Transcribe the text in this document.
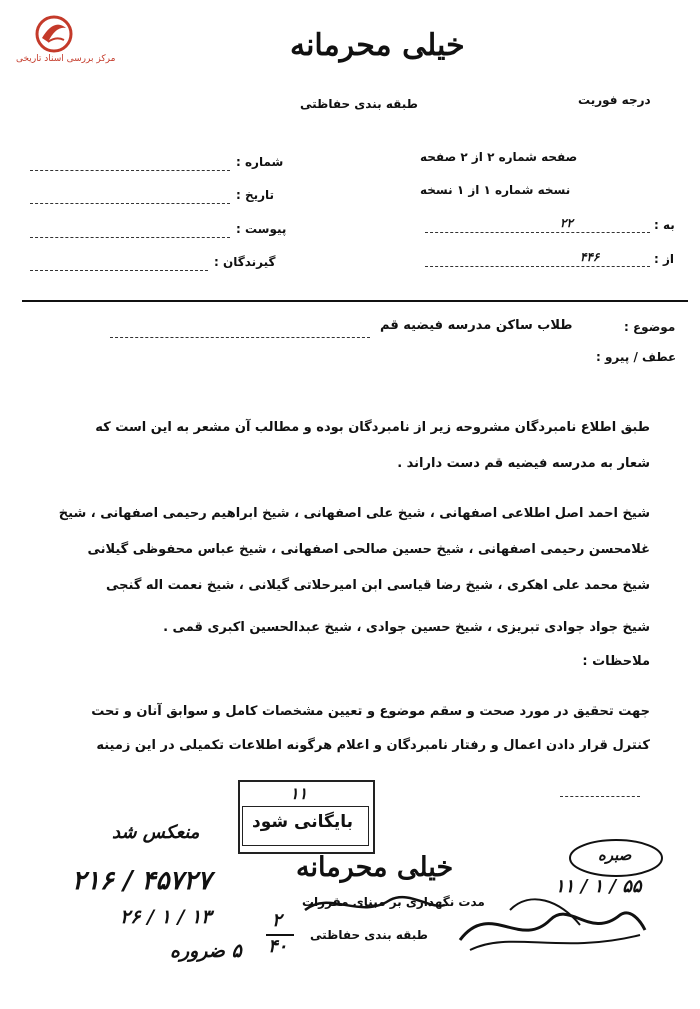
مرکز بررسی اسناد تاریخی	خیلی محرمانه
طبقه بندی حفاظتی	درجه فوریت
صفحه شماره ۲ از ۲ صفحه
نسخه شماره ۱ از ۱ نسخه
به :
۲۲
از :
۴۴۶
شماره :
تاریخ :
پیوست :
گیرندگان :
موضوع :
طلاب ساکن مدرسه فیضیه قم
عطف / پیرو :
طبق اطلاع نامبردگان مشروحه زیر از نامبردگان بوده و مطالب آن مشعر به این است که
شعار به مدرسه فیضیه قم دست داراند .
شیخ احمد اصل اطلاعی اصفهانی ، شیخ علی اصفهانی ، شیخ ابراهیم رحیمی اصفهانی ، شیخ
غلامحسن رحیمی اصفهانی ، شیخ حسین صالحی اصفهانی ، شیخ عباس محفوظی گیلانی
شیخ محمد علی اهکری ، شیخ رضا قیاسی ابن امیرحلاتی گیلانی ، شیخ نعمت اله گنجی
شیخ جواد جوادی تبریزی ، شیخ حسین جوادی ، شیخ عبدالحسین اکبری قمی .
ملاحظات :
جهت تحقیق در مورد صحت و سقم موضوع و تعیین مشخصات کامل و سوابق آنان و تحت
کنترل قرار دادن اعمال و رفتار نامبردگان و اعلام هرگونه اطلاعات تکمیلی در این زمینه
۱۱
بایگانی شود
منعکس شد
۲۱۶ / ۴۵۷۲۷
۲۶ / ۱ / ۱۳
۵ ضروره
۲
۴۰
صبره
۱۱ / ۱ / ۵۵
خیلی محرمانه
مدت نگهداری بر مبنای مقررات
طبقه بندی حفاظتی
